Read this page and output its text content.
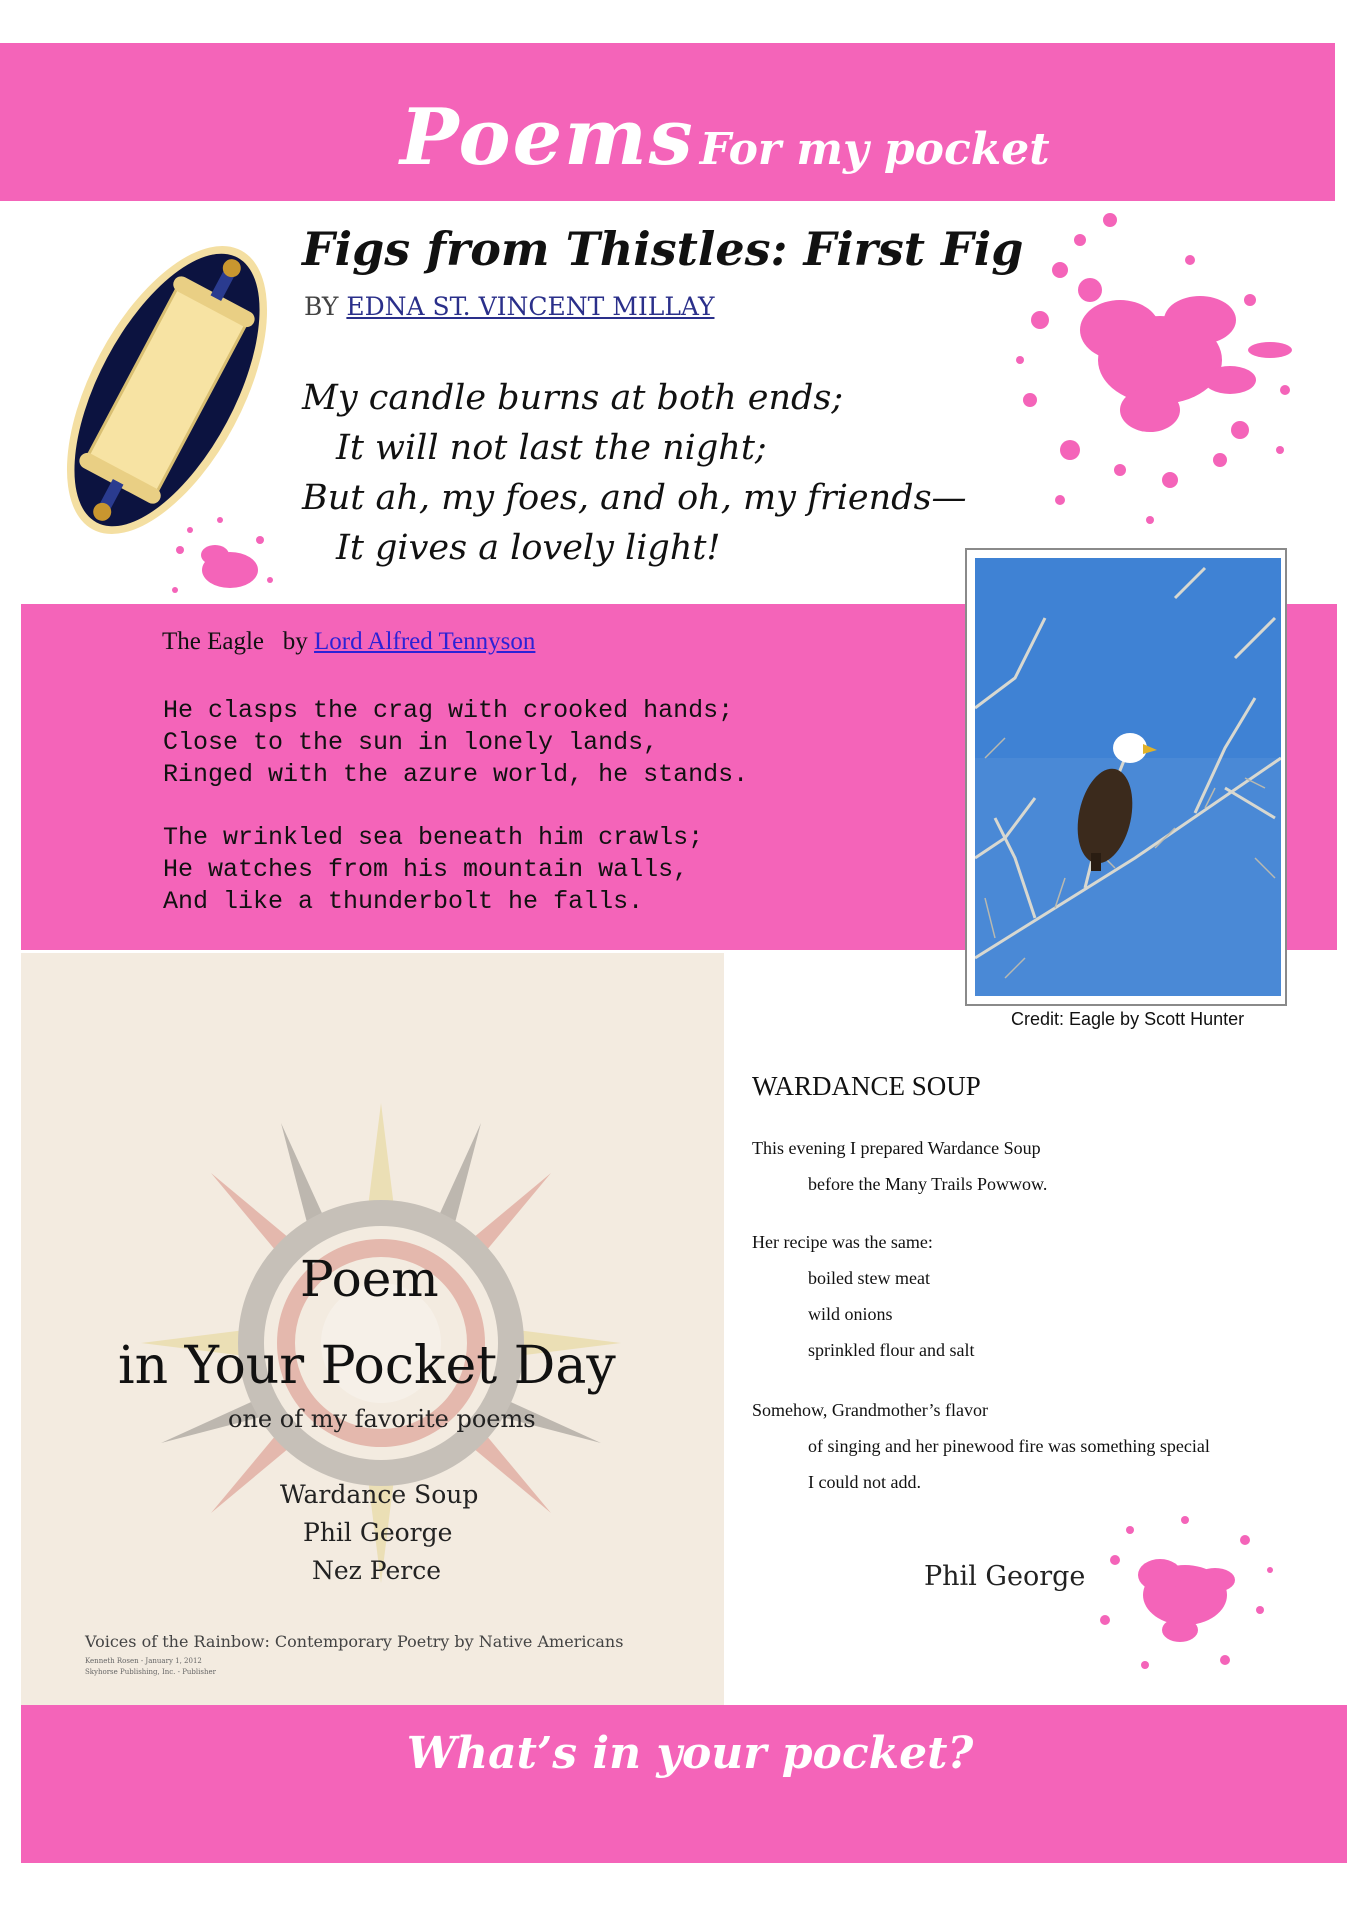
Poems For my pocket
Figs from Thistles: First Fig
BY EDNA ST. VINCENT MILLAY
My candle burns at both ends;
It will not last the night;
But ah, my foes, and oh, my friends—
It gives a lovely light!
The Eagle by Lord Alfred Tennyson
He clasps the crag with crooked hands;
Close to the sun in lonely lands,
Ringed with the azure world, he stands.
The wrinkled sea beneath him crawls;
He watches from his mountain walls,
And like a thunderbolt he falls.
Credit: Eagle by Scott Hunter
Poem
in Your Pocket Day
one of my favorite poems
Wardance Soup
Phil George
Nez Perce
Voices of the Rainbow: Contemporary Poetry by Native Americans
Kenneth Rosen - January 1, 2012
Skyhorse Publishing, Inc. - Publisher
WARDANCE SOUP
This evening I prepared Wardance Soup
before the Many Trails Powwow.
Her recipe was the same:
boiled stew meat
wild onions
sprinkled flour and salt
Somehow, Grandmother’s flavor
of singing and her pinewood fire was something special
I could not add.
Phil George
What’s in your pocket?
